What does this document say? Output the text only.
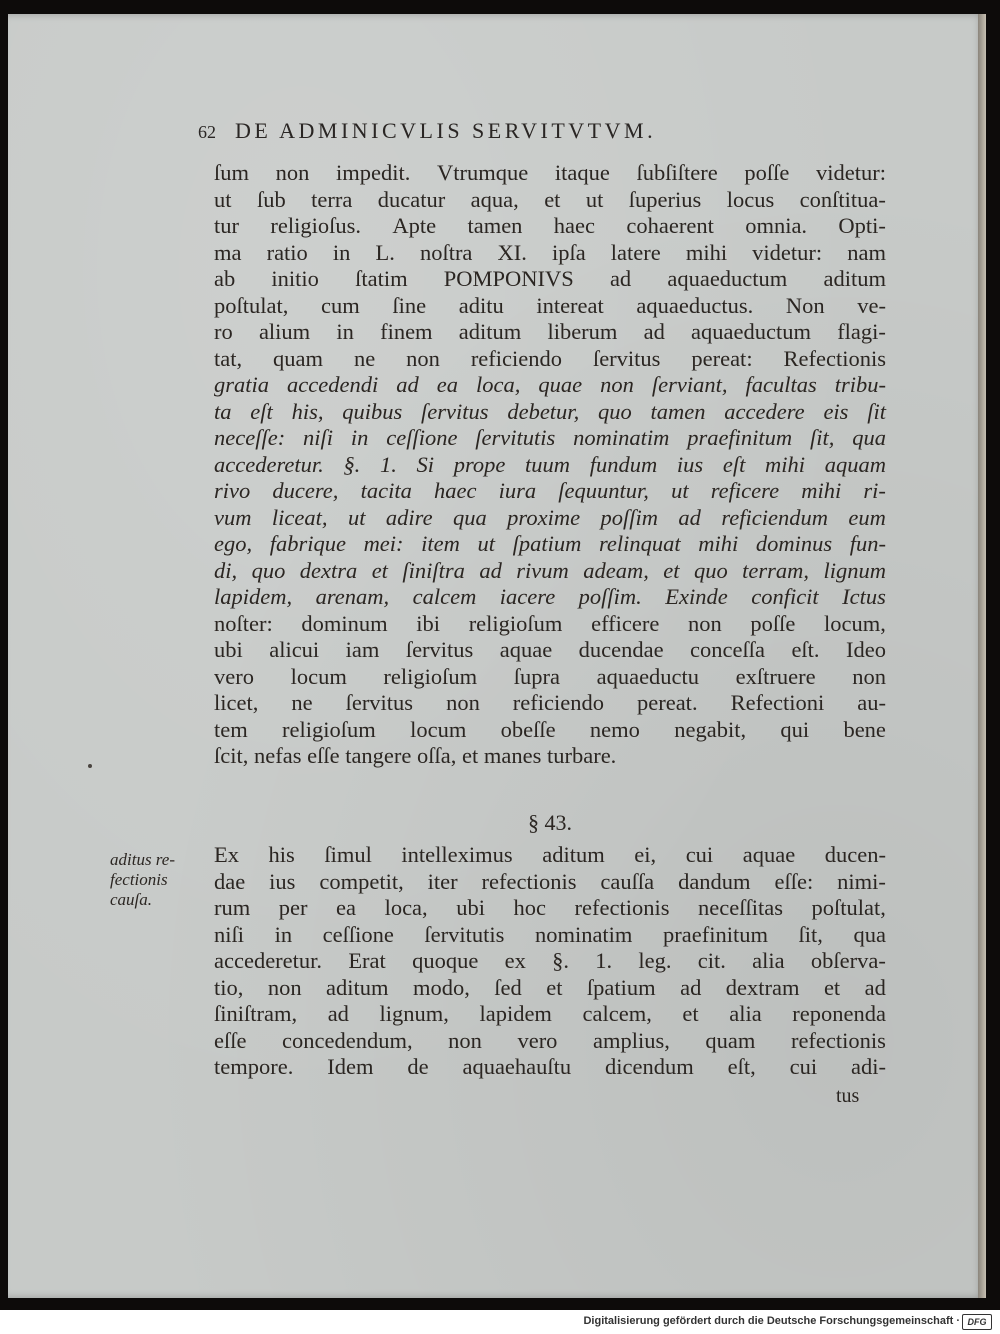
62 DE ADMINICVLIS SERVITVTVM.
ſum non impedit. Vtrumque itaque ſubſiſtere poſſe videtur:
ut ſub terra ducatur aqua, et ut ſuperius locus conſtitua-
tur religioſus. Apte tamen haec cohaerent omnia. Opti-
ma ratio in L. noſtra XI. ipſa latere mihi videtur: nam
ab initio ſtatim POMPONIVS ad aquaeductum aditum
poſtulat, cum ſine aditu intereat aquaeductus. Non ve-
ro alium in finem aditum liberum ad aquaeductum flagi-
tat, quam ne non reficiendo ſervitus pereat: Refectionis
gratia accedendi ad ea loca, quae non ſerviant, facultas tribu-
ta eſt his, quibus ſervitus debetur, quo tamen accedere eis ſit
neceſſe: niſi in ceſſione ſervitutis nominatim praefinitum ſit, qua
accederetur. §. 1. Si prope tuum fundum ius eſt mihi aquam
rivo ducere, tacita haec iura ſequuntur, ut reficere mihi ri-
vum liceat, ut adire qua proxime poſſim ad reficiendum eum
ego, fabrique mei: item ut ſpatium relinquat mihi dominus fun-
di, quo dextra et ſiniſtra ad rivum adeam, et quo terram, lignum
lapidem, arenam, calcem iacere poſſim. Exinde conficit Ictus
noſter: dominum ibi religioſum efficere non poſſe locum,
ubi alicui iam ſervitus aquae ducendae conceſſa eſt. Ideo
vero locum religioſum ſupra aquaeductu exſtruere non
licet, ne ſervitus non reficiendo pereat. Refectioni au-
tem religioſum locum obeſſe nemo negabit, qui bene
ſcit, nefas eſſe tangere oſſa, et manes turbare.
§ 43.
aditus re-
fectionis
cauſa.
Ex his ſimul intelleximus aditum ei, cui aquae ducen-
dae ius competit, iter refectionis cauſſa dandum eſſe: nimi-
rum per ea loca, ubi hoc refectionis neceſſitas poſtulat,
niſi in ceſſione ſervitutis nominatim praefinitum ſit, qua
accederetur. Erat quoque ex §. 1. leg. cit. alia obſerva-
tio, non aditum modo, ſed et ſpatium ad dextram et ad
ſiniſtram, ad lignum, lapidem calcem, et alia reponenda
eſſe concedendum, non vero amplius, quam refectionis
tempore. Idem de aquaehauſtu dicendum eſt, cui adi-
tus
Digitalisierung gefördert durch die Deutsche Forschungsgemeinschaft · DFG
